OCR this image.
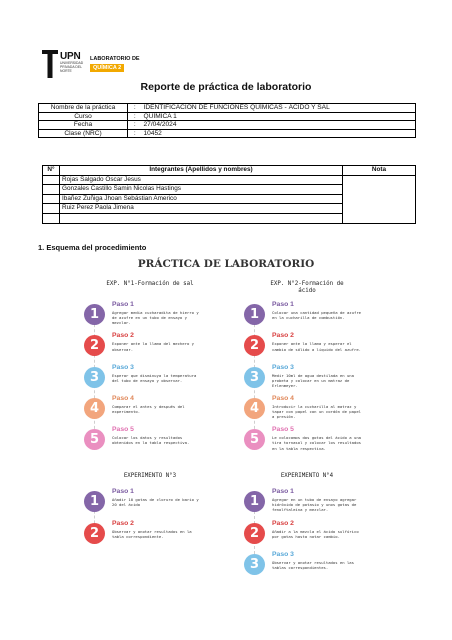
UPN
UNIVERSIDAD PRIVADA DEL NORTE
LABORATORIO DE
QUÍMICA 2
Reporte de práctica de laboratorio
Nombre de la práctica	:	IDENTIFICACIÓN DE FUNCIONES QUÍMICAS - ÁCIDO Y SAL
Curso	:	QUÍMICA 1
Fecha	:	27/04/2024
Clase (NRC)	:	10452
N°	Integrantes (Apellidos y nombres)	Nota
	Rojas Salgado Oscar Jesus	
	Gonzales Castillo Samin Nicolas Hastings	
	Ibañez Zuñiga Jhoan Sebástian Americo	
	Ruiz Perez Paola Jimena	

1. Esquema del procedimiento
PRÁCTICA DE LABORATORIO
EXP. N°1-Formación de sal
1
Paso 1
Agregar media cucharadita de hierro y de azufre en un tubo de ensayo y mezclar.
2
Paso 2
Exponer ante la llama del mechero y observar.
3
Paso 3
Esperar que disminuya la temperatura del tubo de ensayo y observar.
4
Paso 4
Comparar el antes y después del experimento.
5
Paso 5
Colocar los datos y resultados obtenidos en la tabla respectiva.
EXP. N°2-Formación de ácido
1
Paso 1
Colocar una cantidad pequeña de azufre en la cucharilla de combustión.
2
Paso 2
Exponer ante la llama y esperar el cambio de sólido a líquido del azufre.
3
Paso 3
Medir 10ml de agua destilada en una probeta y colocar en un matraz de Erlenmeyer.
4
Paso 4
Introducir la cucharilla al matraz y tapar con papel con un cordón de papel a presión.
5
Paso 5
Le colocamos dos gotas del ácido a una tira tornasol y colocar los resultados en la tabla respectiva.
EXPERIMENTO N°3
1
Paso 1
Añadir 10 gotas de cloruro de bario y 20 del ácido
2
Paso 2
Observar y anotar resultados en la tabla correspondiente.
EXPERIMENTO N°4
1
Paso 1
Agregar en un tubo de ensayo agregar hidróxido de potasio y unos gotas de fenolftaleína y mezclar.
2
Paso 2
Añadir a la mezcla el ácido sulfúrico por gotas hasta notar cambio.
3
Paso 3
Observar y anotar resultados en las tablas correspondientes.
